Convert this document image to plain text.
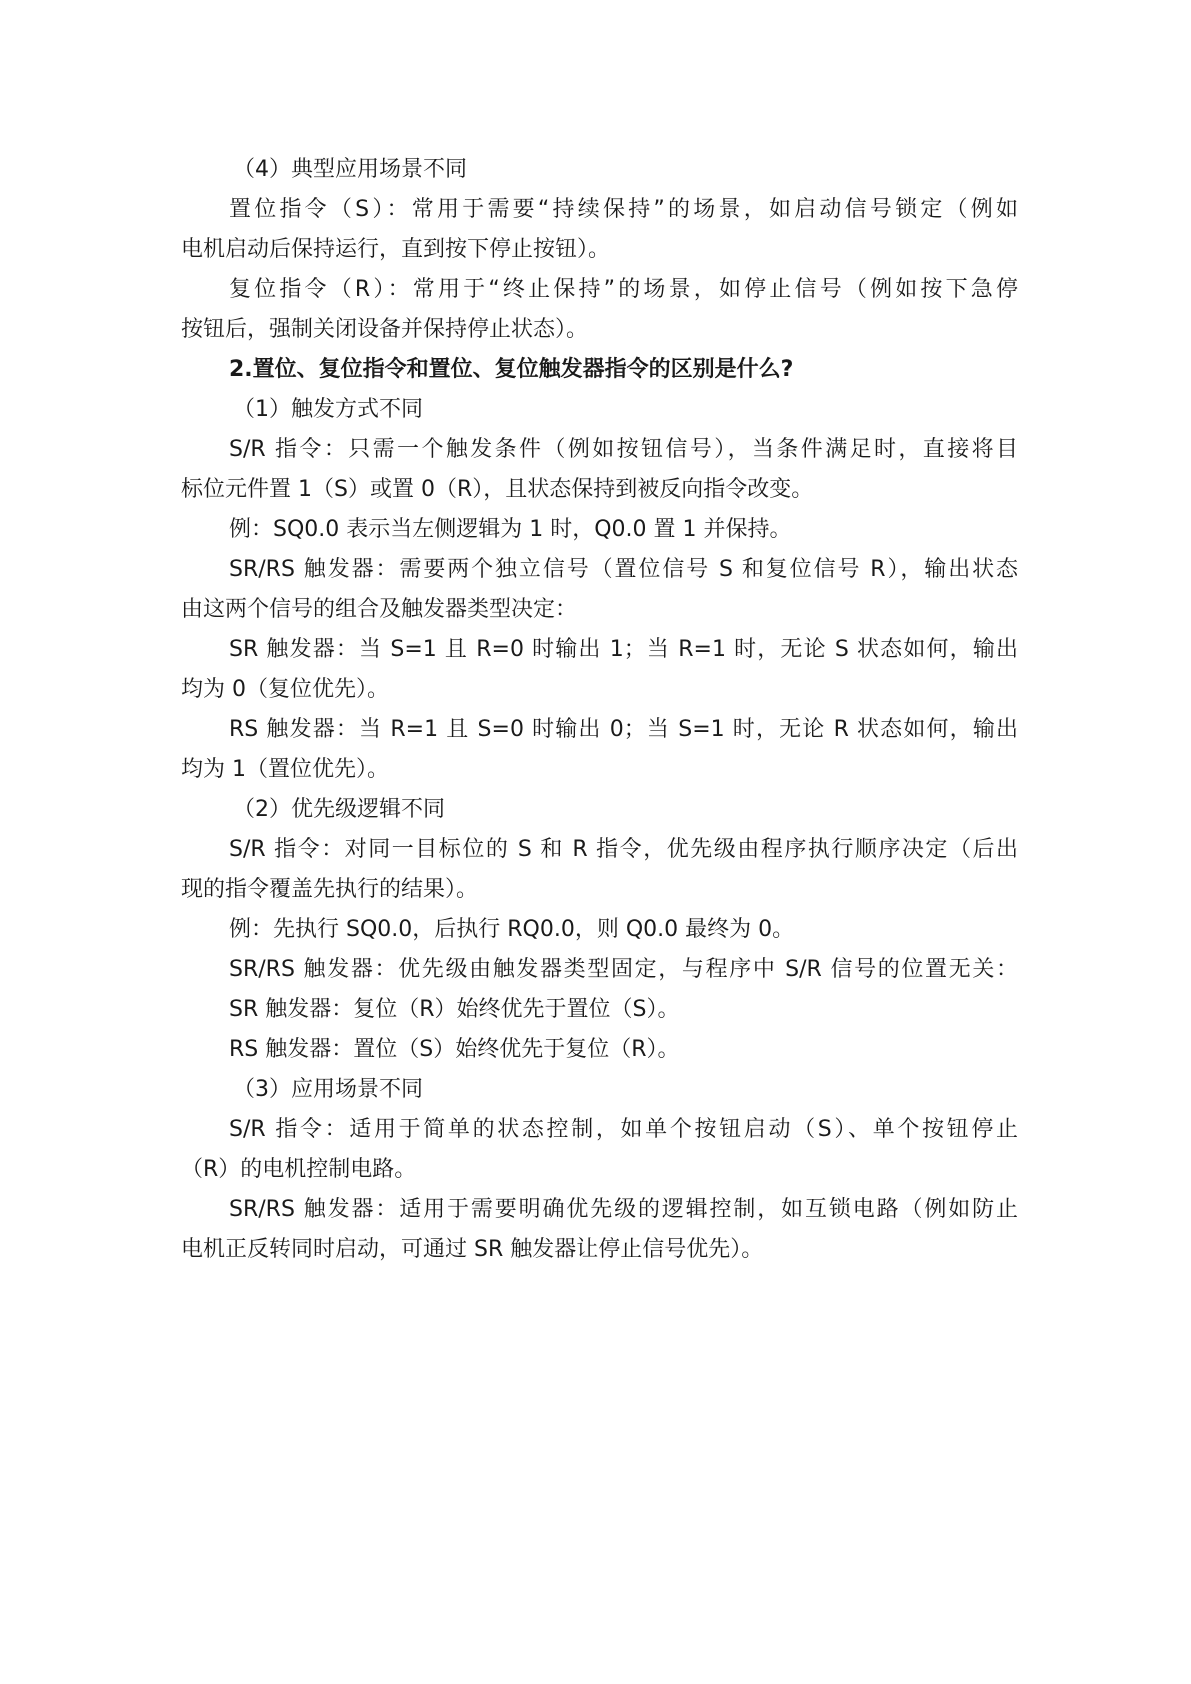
（4）典型应用场景不同
置位指令（S）：常用于需要“持续保持”的场景，如启动信号锁定（例如
电机启动后保持运行，直到按下停止按钮）。
复位指令（R）：常用于“终止保持”的场景，如停止信号（例如按下急停
按钮后，强制关闭设备并保持停止状态）。
2.置位、复位指令和置位、复位触发器指令的区别是什么?
（1）触发方式不同
S/R 指令：只需一个触发条件（例如按钮信号），当条件满足时，直接将目
标位元件置 1（S）或置 0（R），且状态保持到被反向指令改变。
例：SQ0.0 表示当左侧逻辑为 1 时，Q0.0 置 1 并保持。
SR/RS 触发器：需要两个独立信号（置位信号 S 和复位信号 R），输出状态
由这两个信号的组合及触发器类型决定：
SR 触发器：当 S=1 且 R=0 时输出 1；当 R=1 时，无论 S 状态如何，输出
均为 0（复位优先）。
RS 触发器：当 R=1 且 S=0 时输出 0；当 S=1 时，无论 R 状态如何，输出
均为 1（置位优先）。
（2）优先级逻辑不同
S/R 指令：对同一目标位的 S 和 R 指令，优先级由程序执行顺序决定（后出
现的指令覆盖先执行的结果）。
例：先执行 SQ0.0，后执行 RQ0.0，则 Q0.0 最终为 0。
SR/RS 触发器：优先级由触发器类型固定，与程序中 S/R 信号的位置无关：
SR 触发器：复位（R）始终优先于置位（S）。
RS 触发器：置位（S）始终优先于复位（R）。
（3）应用场景不同
S/R 指令：适用于简单的状态控制，如单个按钮启动（S）、单个按钮停止
（R）的电机控制电路。
SR/RS 触发器：适用于需要明确优先级的逻辑控制，如互锁电路（例如防止
电机正反转同时启动，可通过 SR 触发器让停止信号优先）。
